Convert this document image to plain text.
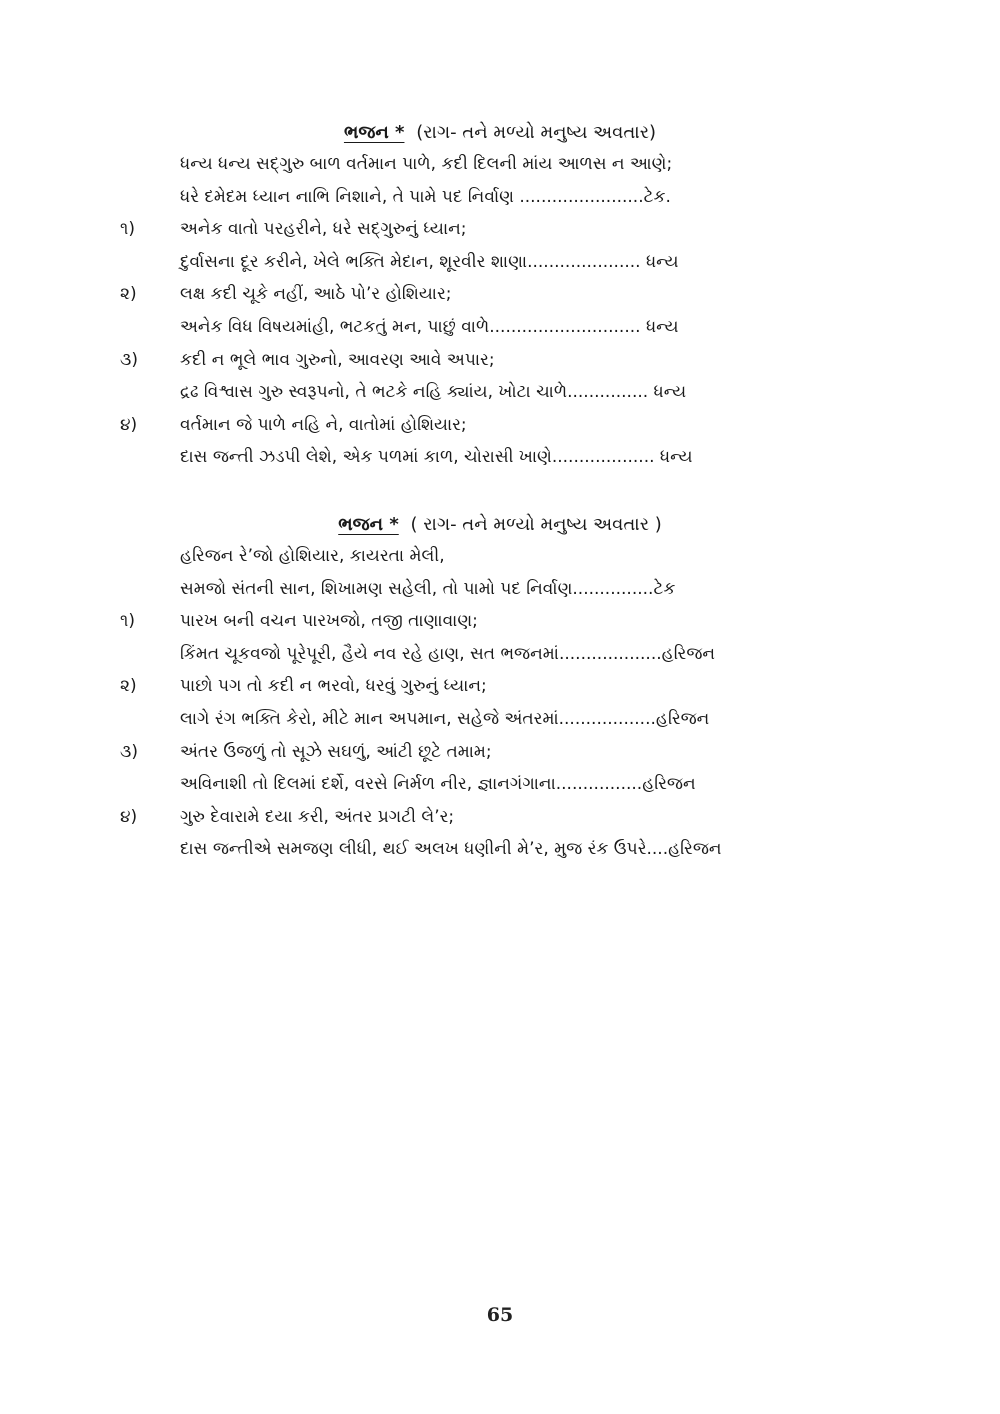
ભજન * (રાગ- તને મળ્યો મનુષ્ય અવતાર)
ધન્ય ધન્ય સદ્ગુરુ બાળ વર્તમાન પાળે, કદી દિલની માંય આળસ ન આણે;
ધરે દમેદમ ધ્યાન નાભિ નિશાને, તે પામે પદ નિર્વાણ .......................ટેક.
૧)	અનેક વાતો પરહરીને, ધરે સદ્ગુરુનું ધ્યાન;
દુર્વાસના દૂર કરીને, ખેલે ભક્તિ મેદાન, શૂરવીર શાણા..................... ધન્ય
૨)	લક્ષ કદી ચૂકે નહીં, આઠે પો’ર હોશિયાર;
અનેક વિધ વિષયમાંહી, ભટકતું મન, પાછું વાળે............................ ધન્ય
૩)	કદી ન ભૂલે ભાવ ગુરુનો, આવરણ આવે અપાર;
દ્રઢ વિશ્વાસ ગુરુ સ્વરૂપનો, તે ભટકે નહિ ક્યાંય, ખોટા ચાળે............... ધન્ય
૪)	વર્તમાન જે પાળે નહિ ને, વાતોમાં હોશિયાર;
દાસ જન્તી ઝડપી લેશે, એક પળમાં કાળ, ચોરાસી ખાણે................... ધન્ય
ભજન * ( રાગ- તને મળ્યો મનુષ્ય અવતાર )
હરિજન રે’જો હોશિયાર, કાયરતા મેલી,
સમજો સંતની સાન, શિખામણ સહેલી, તો પામો પદ નિર્વાણ...............ટેક
૧)	પારખ બની વચન પારખજો, તજી તાણાવાણ;
કિંમત ચૂકવજો પૂરેપૂરી, હૈયે નવ રહે હાણ, સત ભજનમાં...................હરિજન
૨)	પાછો પગ તો કદી ન ભરવો, ધરવું ગુરુનું ધ્યાન;
લાગે રંગ ભક્તિ કેરો, મીટે માન અપમાન, સહેજે અંતરમાં..................હરિજન
૩)	અંતર ઉજળું તો સૂઝે સઘળું, આંટી છૂટે તમામ;
અવિનાશી તો દિલમાં દર્શે, વરસે નિર્મળ નીર, જ્ઞાનગંગાના................હરિજન
૪)	ગુરુ દેવારામે દયા કરી, અંતર પ્રગટી લે’ર;
દાસ જન્તીએ સમજણ લીધી, થઈ અલખ ધણીની મે’ર, મુજ રંક ઉપરે....હરિજન
65
